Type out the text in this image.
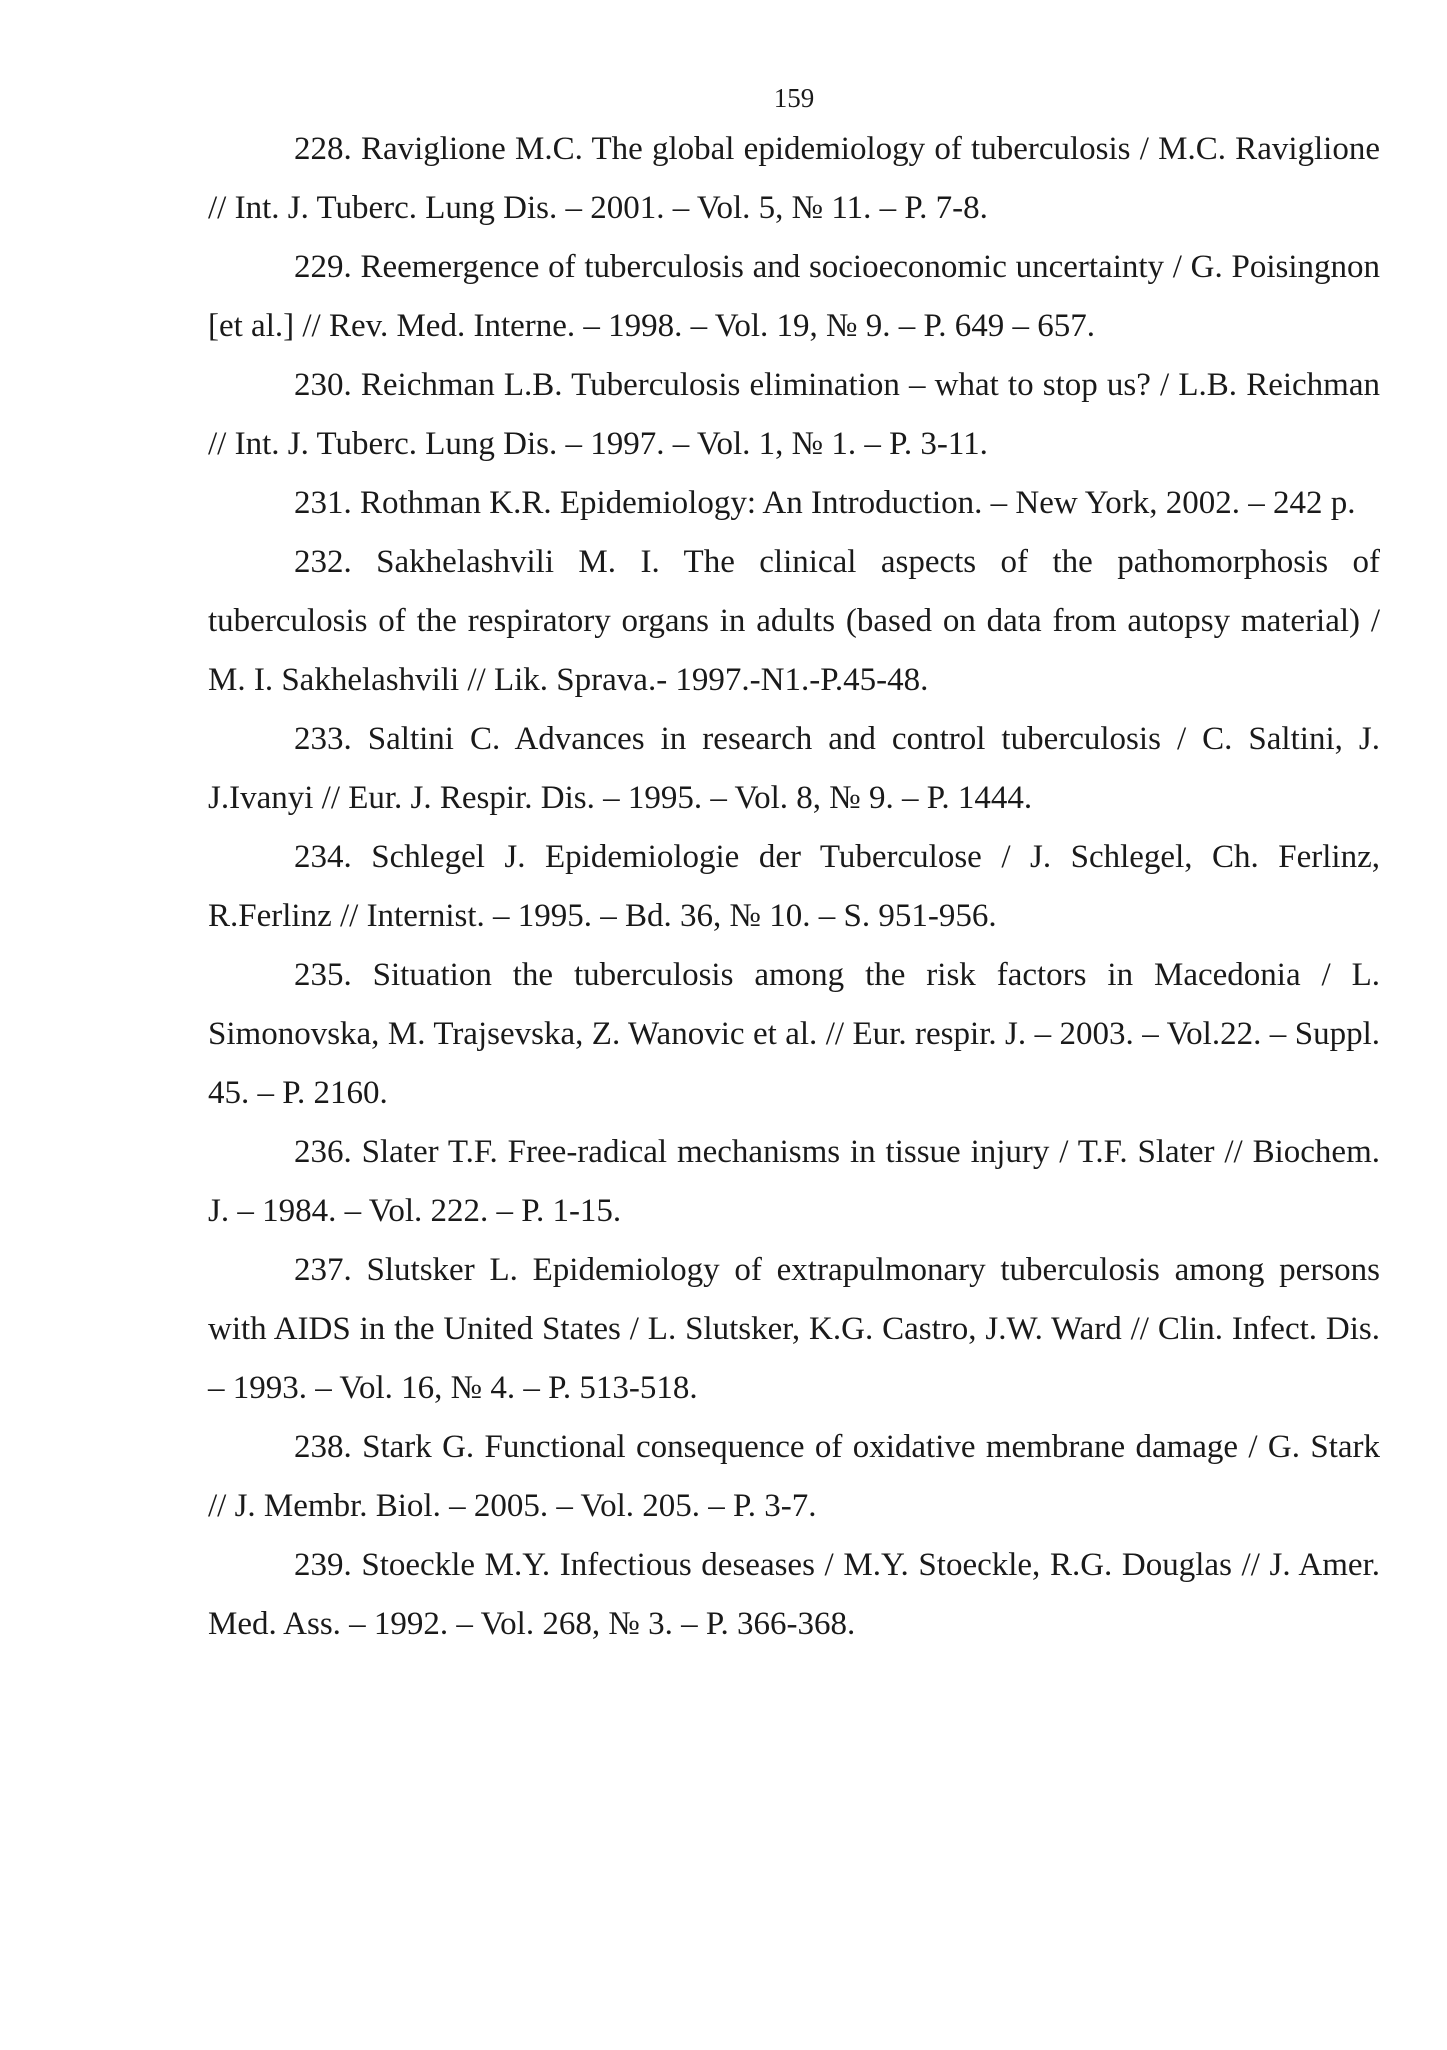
159
228. Raviglione M.C. The global epidemiology of tuberculosis / M.C. Raviglione // Int. J. Tuberc. Lung Dis. – 2001. – Vol. 5, № 11. – P. 7-8.
229. Reemergence of tuberculosis and socioeconomic uncertainty / G. Poisingnon [et al.] // Rev. Med. Interne. – 1998. – Vol. 19, № 9. – P. 649 – 657.
230. Reichman L.B. Tuberculosis elimination – what to stop us? / L.B. Reichman // Int. J. Tuberc. Lung Dis. – 1997. – Vol. 1, № 1. – P. 3-11.
231. Rothman K.R. Epidemiology: An Introduction. – New York, 2002. – 242 p.
232. Sakhelashvili M. I. The clinical aspects of the pathomorphosis of tuberculosis of the respiratory organs in adults (based on data from autopsy material) / M. I. Sakhelashvili // Lik. Sprava.- 1997.-N1.-P.45-48.
233. Saltini C. Advances in research and control tuberculosis / C. Saltini, J. J.Ivanyi // Eur. J. Respir. Dis. – 1995. – Vol. 8, № 9. – P. 1444.
234. Schlegel J. Epidemiologie der Tuberculose / J. Schlegel, Ch. Ferlinz, R.Ferlinz // Internist. – 1995. – Bd. 36, № 10. – S. 951-956.
235. Situation the tuberculosis among the risk factors in Macedonia / L. Simonovska, M. Trajsevska, Z. Wanovic et al. // Eur. respir. J. – 2003. – Vol.22. – Suppl. 45. – P. 2160.
236. Slater T.F. Free-radical mechanisms in tissue injury / T.F. Slater // Biochem. J. – 1984. – Vol. 222. – P. 1-15.
237. Slutsker L. Epidemiology of extrapulmonary tuberculosis among persons with AIDS in the United States / L. Slutsker, K.G. Castro, J.W. Ward // Clin. Infect. Dis. – 1993. – Vol. 16, № 4. – P. 513-518.
238. Stark G. Functional consequence of oxidative membrane damage / G. Stark // J. Membr. Biol. – 2005. – Vol. 205. – P. 3-7.
239. Stoeckle M.Y. Infectious deseases / M.Y. Stoeckle, R.G. Douglas // J. Amer. Med. Ass. – 1992. – Vol. 268, № 3. – P. 366-368.
